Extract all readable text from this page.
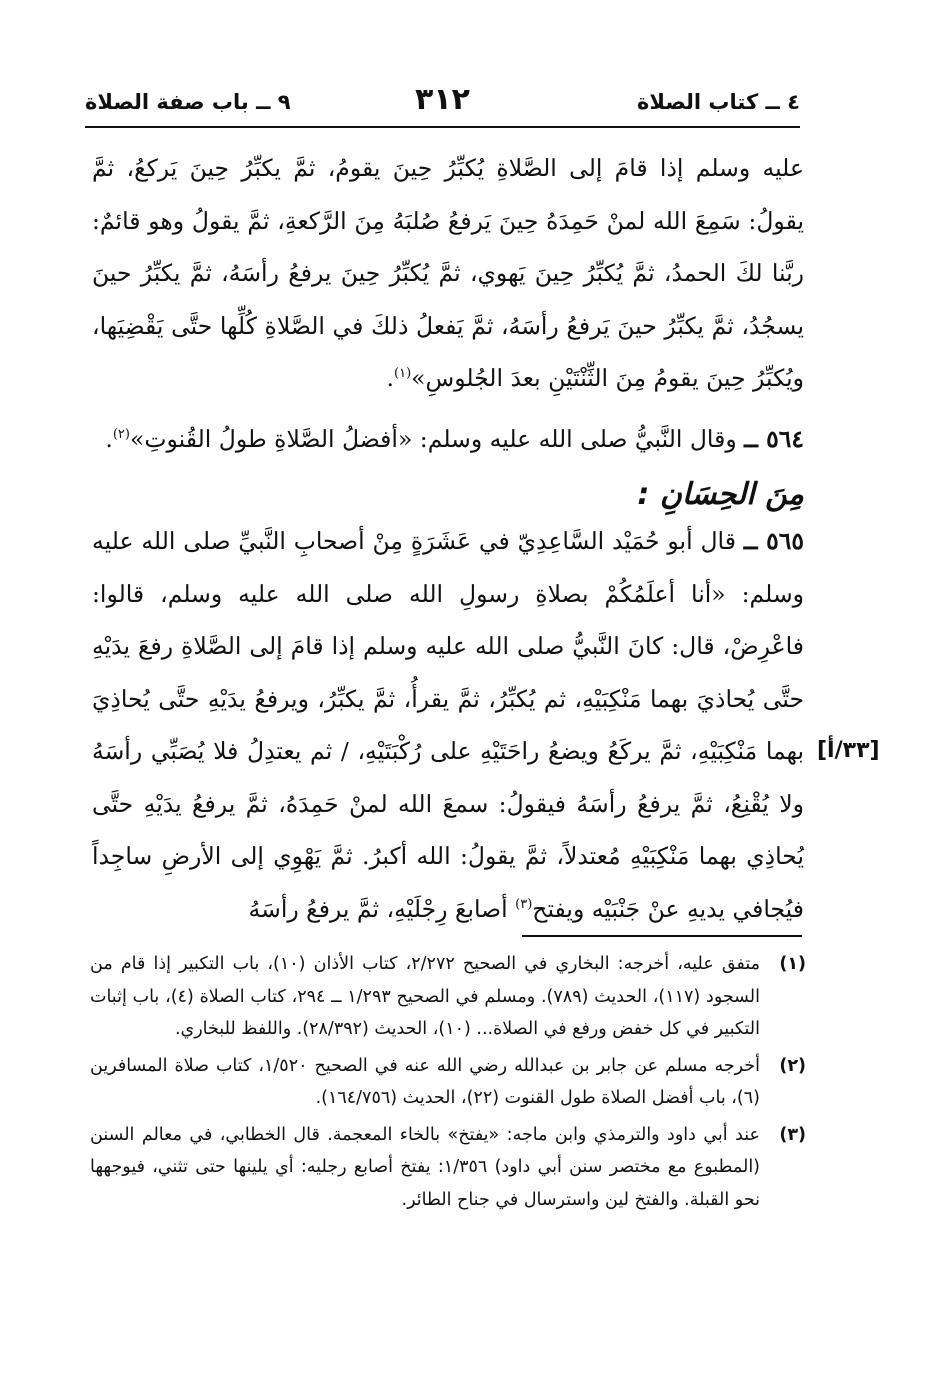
٤ ــ كتاب الصلاة
٣١٢
٩ ــ باب صفة الصلاة
[٣٣/أ]

عليه وسلم إذا قامَ إلى الصَّلاةِ يُكبِّرُ حِينَ يقومُ، ثمَّ يكبِّرُ حِينَ يَركعُ، ثمَّ يقولُ: سَمِعَ الله لمنْ حَمِدَهُ حِينَ يَرفعُ صُلبَهُ مِنَ الرَّكعةِ، ثمَّ يقولُ وهو قائمٌ: ربَّنا لكَ الحمدُ، ثمَّ يُكبِّرُ حِينَ يَهوي، ثمَّ يُكبِّرُ حِينَ يرفعُ رأسَهُ، ثمَّ يكبِّرُ حينَ يسجُدُ، ثمَّ يكبِّرُ حينَ يَرفعُ رأسَهُ، ثمَّ يَفعلُ ذلكَ في الصَّلاةِ كُلِّها حتَّى يَقْضِيَها، ويُكبِّرُ حِينَ يقومُ مِنَ الثِّنْتَيْنِ بعدَ الجُلوسِ»$^{(١)}$.

٥٦٤ ــ وقال النَّبيُّ صلى الله عليه وسلم: «أفضلُ الصَّلاةِ طولُ القُنوتِ»$^{(٢)}$.

مِنَ الحِسَانِ :

٥٦٥ ــ قال أبو حُمَيْد السَّاعِدِيّ في عَشَرَةٍ مِنْ أصحابِ النَّبيِّ صلى الله عليه وسلم: «أنا أعلَمُكُمْ بصلاةِ رسولِ الله صلى الله عليه وسلم، قالوا: فاعْرِضْ، قال: كانَ النَّبيُّ صلى الله عليه وسلم إذا قامَ إلى الصَّلاةِ رفعَ يدَيْهِ حتَّى يُحاذيَ بهما مَنْكِبَيْهِ، ثم يُكبِّرُ، ثمَّ يقرأُ، ثمَّ يكبِّرُ، ويرفعُ يدَيْهِ حتَّى يُحاذِيَ بهما مَنْكِبَيْهِ، ثمَّ يركَعُ ويضعُ راحَتَيْهِ على رُكْبَتَيْهِ، / ثم يعتدِلُ فلا يُصَبِّي رأسَهُ ولا يُقْنِعُ، ثمَّ يرفعُ رأسَهُ فيقولُ: سمعَ الله لمنْ حَمِدَهُ، ثمَّ يرفعُ يدَيْهِ حتَّى يُحاذِي بهما مَنْكِبَيْهِ مُعتدلاً، ثمَّ يقولُ: الله أكبرُ. ثمَّ يَهْوِي إلى الأرضِ ساجِداً فيُجافي يديهِ عنْ جَنْبَيْه ويفتح$^{(٣)}$ أصابعَ رِجْلَيْهِ، ثمَّ يرفعُ رأسَهُ

(١)
متفق عليه، أخرجه: البخاري في الصحيح ٢/٢٧٢، كتاب الأذان (١٠)، باب التكبير إذا قام من السجود (١١٧)، الحديث (٧٨٩). ومسلم في الصحيح ١/٢٩٣ ــ ٢٩٤، كتاب الصلاة (٤)، باب إثبات التكبير في كل خفض ورفع في الصلاة... (١٠)، الحديث (٢٨/٣٩٢). واللفظ للبخاري.
(٢)
أخرجه مسلم عن جابر بن عبدالله رضي الله عنه في الصحيح ١/٥٢٠، كتاب صلاة المسافرين (٦)، باب أفضل الصلاة طول القنوت (٢٢)، الحديث (١٦٤/٧٥٦).
(٣)
عند أبي داود والترمذي وابن ماجه: «يفتخ» بالخاء المعجمة. قال الخطابي، في معالم السنن (المطبوع مع مختصر سنن أبي داود) ١/٣٥٦: يفتخ أصابع رجليه: أي يلينها حتى تثني، فيوجهها نحو القبلة. والفتخ لين واسترسال في جناح الطائر.
